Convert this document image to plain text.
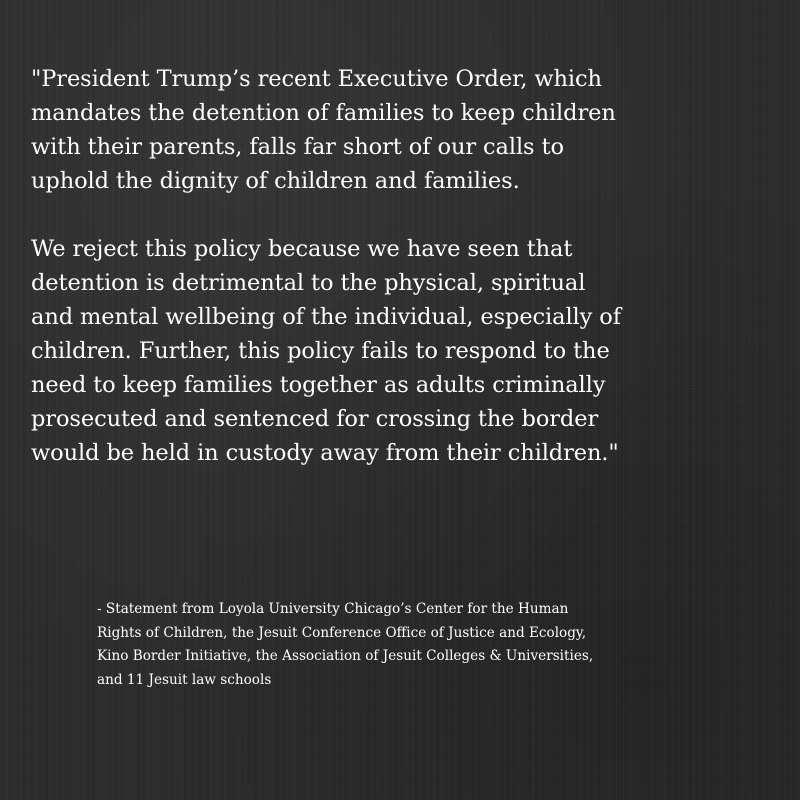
"President Trump’s recent Executive Order, which
mandates the detention of families to keep children
with their parents, falls far short of our calls to
uphold the dignity of children and families.

We reject this policy because we have seen that
detention is detrimental to the physical, spiritual
and mental wellbeing of the individual, especially of
children. Further, this policy fails to respond to the
need to keep families together as adults criminally
prosecuted and sentenced for crossing the border
would be held in custody away from their children."

- Statement from Loyola University Chicago’s Center for the Human
Rights of Children, the Jesuit Conference Office of Justice and Ecology,
Kino Border Initiative, the Association of Jesuit Colleges & Universities,
and 11 Jesuit law schools
